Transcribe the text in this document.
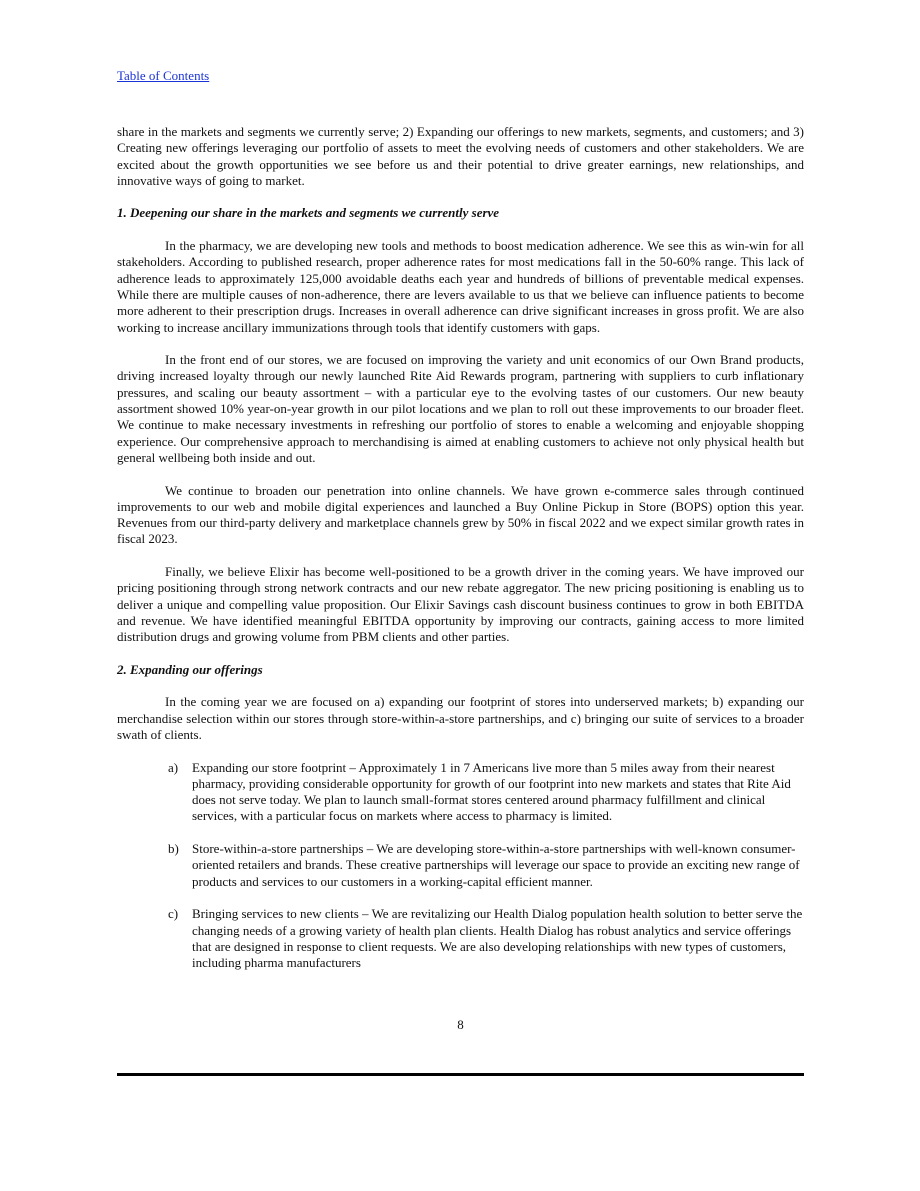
Table of Contents

share in the markets and segments we currently serve; 2) Expanding our offerings to new markets, segments, and customers; and 3) Creating new offerings leveraging our portfolio of assets to meet the evolving needs of customers and other stakeholders. We are excited about the growth opportunities we see before us and their potential to drive greater earnings, new relationships, and innovative ways of going to market.

1. Deepening our share in the markets and segments we currently serve

In the pharmacy, we are developing new tools and methods to boost medication adherence. We see this as win-win for all stakeholders. According to published research, proper adherence rates for most medications fall in the 50-60% range. This lack of adherence leads to approximately 125,000 avoidable deaths each year and hundreds of billions of preventable medical expenses. While there are multiple causes of non-adherence, there are levers available to us that we believe can influence patients to become more adherent to their prescription drugs. Increases in overall adherence can drive significant increases in gross profit. We are also working to increase ancillary immunizations through tools that identify customers with gaps.

In the front end of our stores, we are focused on improving the variety and unit economics of our Own Brand products, driving increased loyalty through our newly launched Rite Aid Rewards program, partnering with suppliers to curb inflationary pressures, and scaling our beauty assortment – with a particular eye to the evolving tastes of our customers. Our new beauty assortment showed 10% year-on-year growth in our pilot locations and we plan to roll out these improvements to our broader fleet. We continue to make necessary investments in refreshing our portfolio of stores to enable a welcoming and enjoyable shopping experience. Our comprehensive approach to merchandising is aimed at enabling customers to achieve not only physical health but general wellbeing both inside and out.

We continue to broaden our penetration into online channels. We have grown e-commerce sales through continued improvements to our web and mobile digital experiences and launched a Buy Online Pickup in Store (BOPS) option this year. Revenues from our third-party delivery and marketplace channels grew by 50% in fiscal 2022 and we expect similar growth rates in fiscal 2023.

Finally, we believe Elixir has become well-positioned to be a growth driver in the coming years. We have improved our pricing positioning through strong network contracts and our new rebate aggregator. The new pricing positioning is enabling us to deliver a unique and compelling value proposition. Our Elixir Savings cash discount business continues to grow in both EBITDA and revenue. We have identified meaningful EBITDA opportunity by improving our contracts, gaining access to more limited distribution drugs and growing volume from PBM clients and other parties.

2. Expanding our offerings

In the coming year we are focused on a) expanding our footprint of stores into underserved markets; b) expanding our merchandise selection within our stores through store-within-a-store partnerships, and c) bringing our suite of services to a broader swath of clients.

a) Expanding our store footprint – Approximately 1 in 7 Americans live more than 5 miles away from their nearest pharmacy, providing considerable opportunity for growth of our footprint into new markets and states that Rite Aid does not serve today. We plan to launch small-format stores centered around pharmacy fulfillment and clinical services, with a particular focus on markets where access to pharmacy is limited.

b) Store-within-a-store partnerships – We are developing store-within-a-store partnerships with well-known consumer-oriented retailers and brands. These creative partnerships will leverage our space to provide an exciting new range of products and services to our customers in a working-capital efficient manner.

c) Bringing services to new clients – We are revitalizing our Health Dialog population health solution to better serve the changing needs of a growing variety of health plan clients. Health Dialog has robust analytics and service offerings that are designed in response to client requests. We are also developing relationships with new types of customers, including pharma manufacturers

8
